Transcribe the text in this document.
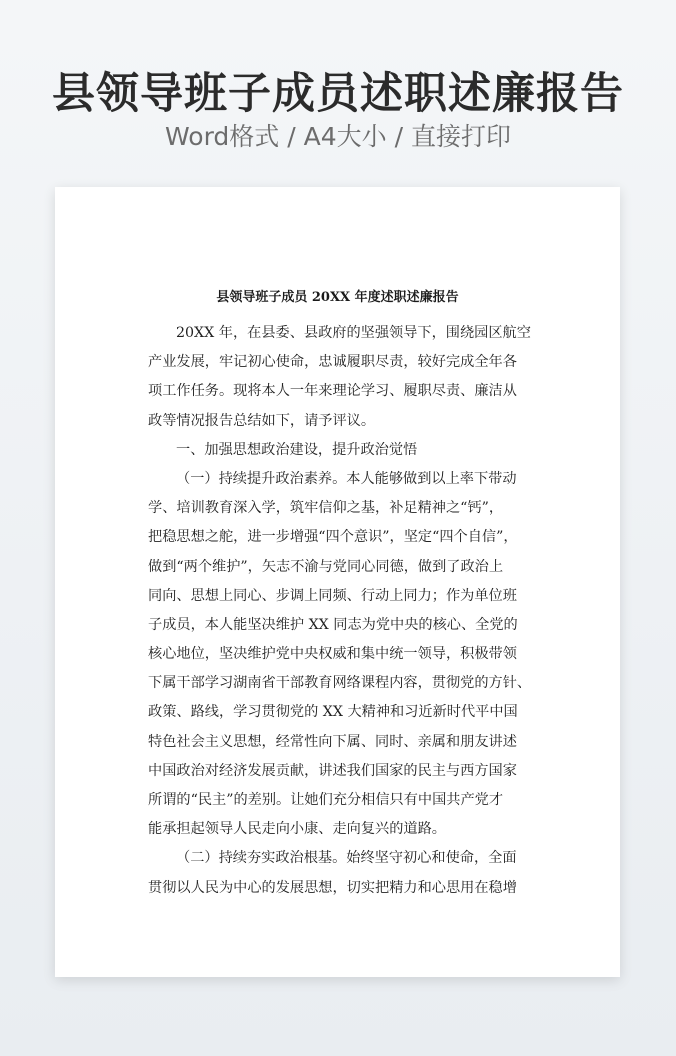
县领导班子成员述职述廉报告
Word格式 / A4大小 / 直接打印
县领导班子成员 20XX 年度述职述廉报告
20XX 年，在县委、县政府的坚强领导下，围绕园区航空
产业发展，牢记初心使命，忠诚履职尽责，较好完成全年各
项工作任务。现将本人一年来理论学习、履职尽责、廉洁从
政等情况报告总结如下，请予评议。
一、加强思想政治建设，提升政治觉悟
（一）持续提升政治素养。本人能够做到以上率下带动
学、培训教育深入学，筑牢信仰之基，补足精神之“钙”，
把稳思想之舵，进一步增强“四个意识”，坚定“四个自信”，
做到“两个维护”，矢志不渝与党同心同德，做到了政治上
同向、思想上同心、步调上同频、行动上同力；作为单位班
子成员，本人能坚决维护 XX 同志为党中央的核心、全党的
核心地位，坚决维护党中央权威和集中统一领导，积极带领
下属干部学习湖南省干部教育网络课程内容，贯彻党的方针、
政策、路线，学习贯彻党的 XX 大精神和习近新时代平中国
特色社会主义思想，经常性向下属、同时、亲属和朋友讲述
中国政治对经济发展贡献，讲述我们国家的民主与西方国家
所谓的“民主”的差别。让她们充分相信只有中国共产党才
能承担起领导人民走向小康、走向复兴的道路。
（二）持续夯实政治根基。始终坚守初心和使命，全面
贯彻以人民为中心的发展思想，切实把精力和心思用在稳增
